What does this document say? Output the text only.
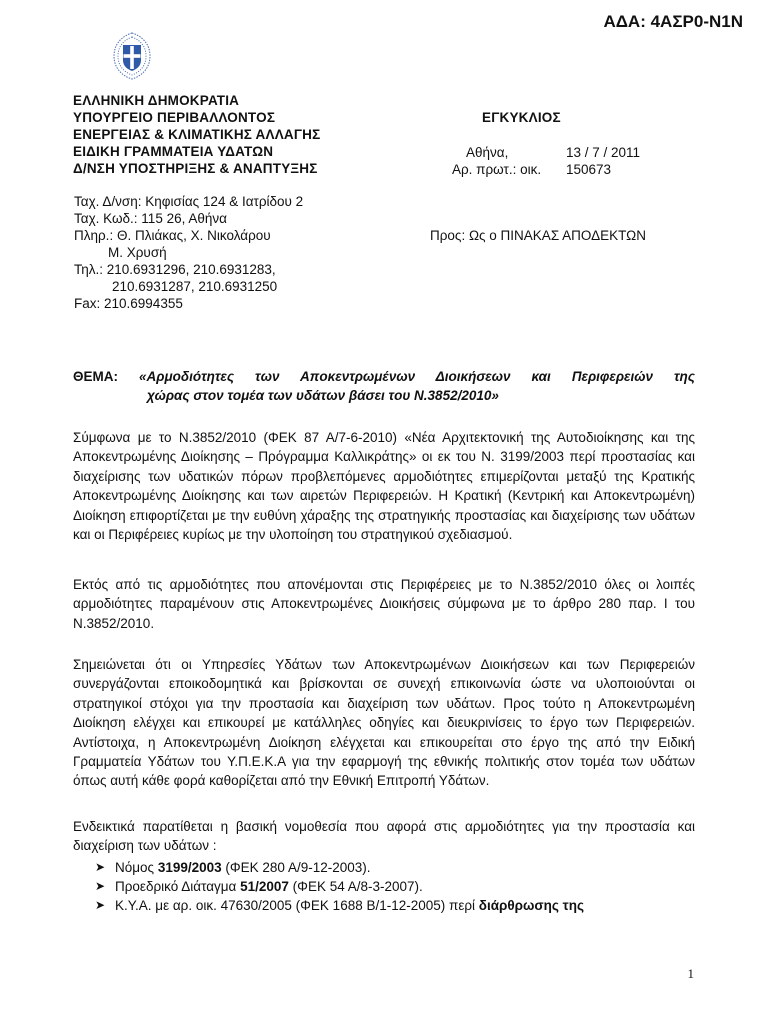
ΑΔΑ: 4ΑΣΡ0-Ν1Ν
ΕΛΛΗΝΙΚΗ ΔΗΜΟΚΡΑΤΙΑ
ΥΠΟΥΡΓΕΙΟ ΠΕΡΙΒΑΛΛΟΝΤΟΣ
ΕΝΕΡΓΕΙΑΣ & ΚΛΙΜΑΤΙΚΗΣ ΑΛΛΑΓΗΣ
ΕΙΔΙΚΗ ΓΡΑΜΜΑΤΕΙΑ ΥΔΑΤΩΝ
Δ/ΝΣΗ ΥΠΟΣΤΗΡΙΞΗΣ & ΑΝΑΠΤΥΞΗΣ
ΕΓΚΥΚΛΙΟΣ
Αθήνα,	13 / 7 / 2011
Αρ. πρωτ.: οικ. 150673
Ταχ. Δ/νση: Κηφισίας 124 & Ιατρίδου 2
Ταχ. Κωδ.: 115 26, Αθήνα
Πληρ.: Θ. Πλιάκας, Χ. Νικολάρου
Μ. Χρυσή
Τηλ.: 210.6931296, 210.6931283,
210.6931287, 210.6931250
Fax: 210.6994355
Προς: Ως ο ΠΙΝΑΚΑΣ ΑΠΟΔΕΚΤΩΝ
ΘΕΜΑ: «Αρμοδιότητες των Αποκεντρωμένων Διοικήσεων και Περιφερειών της
χώρας στον τομέα των υδάτων βάσει του Ν.3852/2010»
Σύμφωνα με το Ν.3852/2010 (ΦΕΚ 87 Α/7-6-2010) «Νέα Αρχιτεκτονική της Αυτοδιοίκησης και της Αποκεντρωμένης Διοίκησης – Πρόγραμμα Καλλικράτης» οι εκ του Ν. 3199/2003 περί προστασίας και διαχείρισης των υδατικών πόρων προβλεπόμενες αρμοδιότητες επιμερίζονται μεταξύ της Κρατικής Αποκεντρωμένης Διοίκησης και των αιρετών Περιφερειών. Η Κρατική (Κεντρική και Αποκεντρωμένη) Διοίκηση επιφορτίζεται με την ευθύνη χάραξης της στρατηγικής προστασίας και διαχείρισης των υδάτων και οι Περιφέρειες κυρίως με την υλοποίηση του στρατηγικού σχεδιασμού.
Εκτός από τις αρμοδιότητες που απονέμονται στις Περιφέρειες με το Ν.3852/2010 όλες οι λοιπές αρμοδιότητες παραμένουν στις Αποκεντρωμένες Διοικήσεις σύμφωνα με το άρθρο 280 παρ. Ι του Ν.3852/2010.
Σημειώνεται ότι οι Υπηρεσίες Υδάτων των Αποκεντρωμένων Διοικήσεων και των Περιφερειών συνεργάζονται εποικοδομητικά και βρίσκονται σε συνεχή επικοινωνία ώστε να υλοποιούνται οι στρατηγικοί στόχοι για την προστασία και διαχείριση των υδάτων. Προς τούτο η Αποκεντρωμένη Διοίκηση ελέγχει και επικουρεί με κατάλληλες οδηγίες και διευκρινίσεις το έργο των Περιφερειών. Αντίστοιχα, η Αποκεντρωμένη Διοίκηση ελέγχεται και επικουρείται στο έργο της από την Ειδική Γραμματεία Υδάτων του Υ.Π.Ε.Κ.Α για την εφαρμογή της εθνικής πολιτικής στον τομέα των υδάτων όπως αυτή κάθε φορά καθορίζεται από την Εθνική Επιτροπή Υδάτων.
Ενδεικτικά παρατίθεται η βασική νομοθεσία που αφορά στις αρμοδιότητες για την προστασία και διαχείριση των υδάτων :
➤ Νόμος 3199/2003 (ΦΕΚ 280 Α/9-12-2003).
➤ Προεδρικό Διάταγμα 51/2007 (ΦΕΚ 54 Α/8-3-2007).
➤ Κ.Υ.Α. με αρ. οικ. 47630/2005 (ΦΕΚ 1688 Β/1-12-2005) περί διάρθρωσης της
1
